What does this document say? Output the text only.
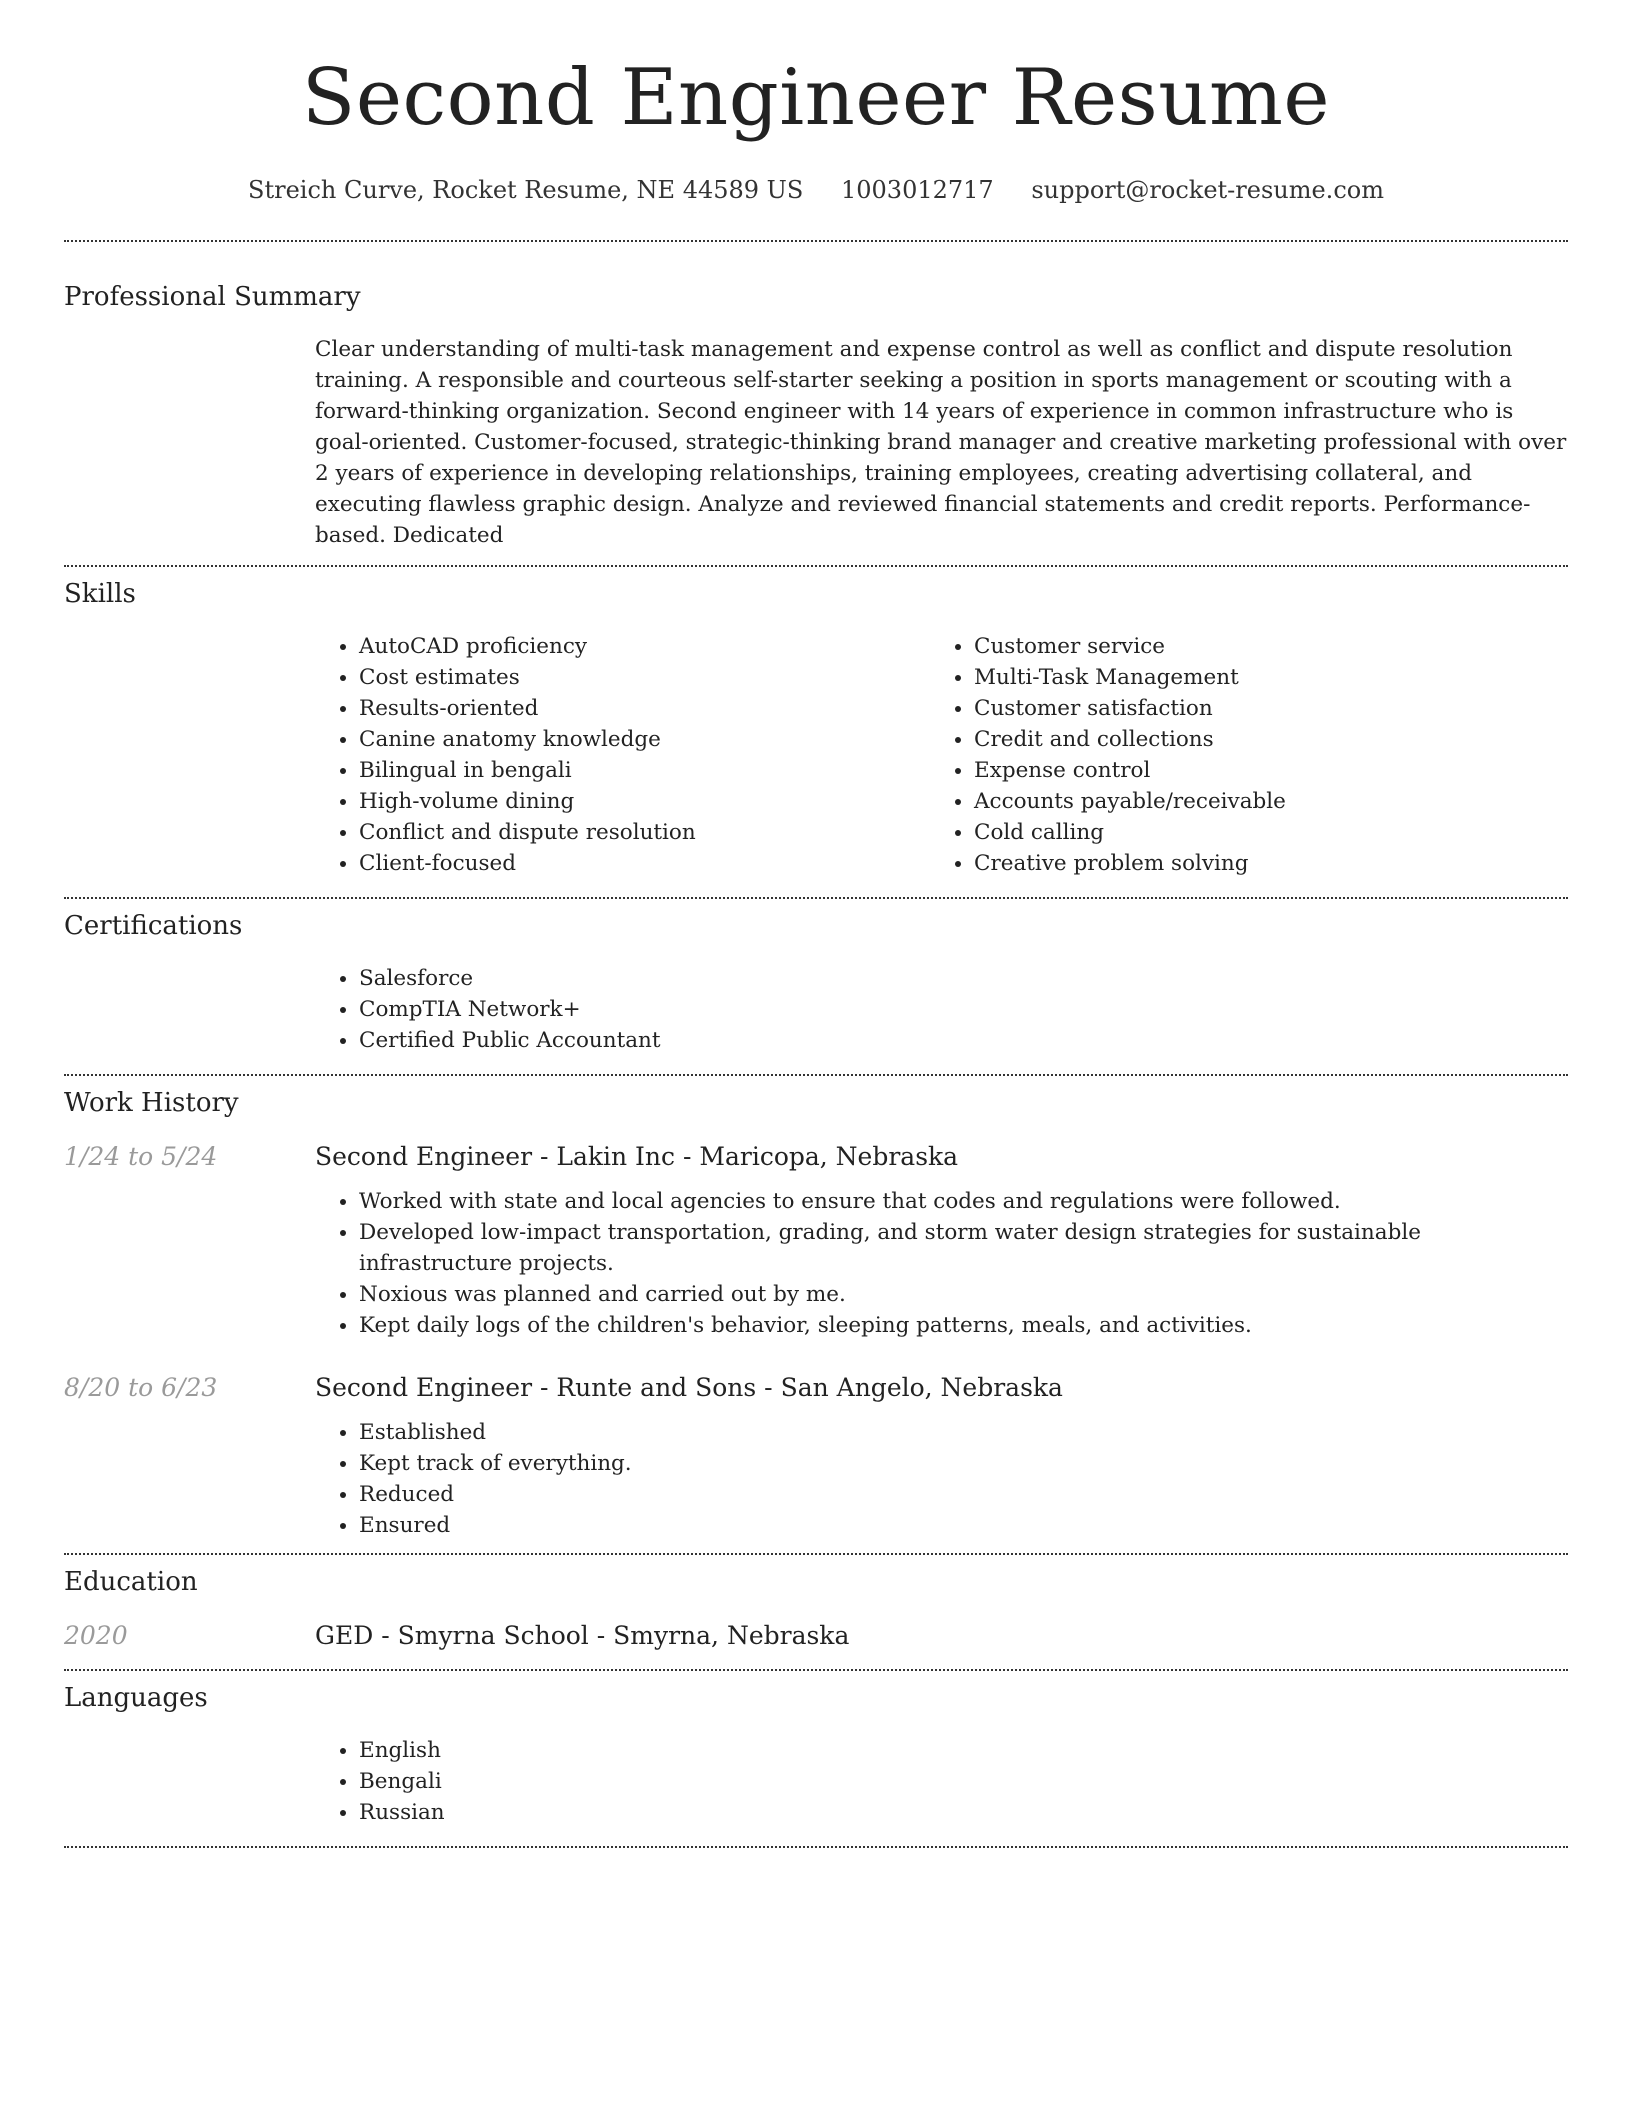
Second Engineer Resume
Streich Curve, Rocket Resume, NE 44589 US 1003012717 support@rocket-resume.com
Professional Summary

Clear understanding of multi-task management and expense control as well as conflict and dispute resolution training. A responsible and courteous self-starter seeking a position in sports management or scouting with a forward-thinking organization. Second engineer with 14 years of experience in common infrastructure who is goal-oriented. Customer-focused, strategic-thinking brand manager and creative marketing professional with over 2 years of experience in developing relationships, training employees, creating advertising collateral, and executing flawless graphic design. Analyze and reviewed financial statements and credit reports. Performance-based. Dedicated

Skills
• AutoCAD proficiency
• Cost estimates
• Results-oriented
• Canine anatomy knowledge
• Bilingual in bengali
• High-volume dining
• Conflict and dispute resolution
• Client-focused
• Customer service
• Multi-Task Management
• Customer satisfaction
• Credit and collections
• Expense control
• Accounts payable/receivable
• Cold calling
• Creative problem solving
Certifications
• Salesforce
• CompTIA Network+
• Certified Public Accountant
Work History
1/24 to 5/24	Second Engineer - Lakin Inc - Maricopa, Nebraska
• Worked with state and local agencies to ensure that codes and regulations were followed.
• Developed low-impact transportation, grading, and storm water design strategies for sustainable infrastructure projects.
• Noxious was planned and carried out by me.
• Kept daily logs of the children's behavior, sleeping patterns, meals, and activities.
8/20 to 6/23	Second Engineer - Runte and Sons - San Angelo, Nebraska
• Established
• Kept track of everything.
• Reduced
• Ensured
Education
2020	GED - Smyrna School - Smyrna, Nebraska
Languages
• English
• Bengali
• Russian
